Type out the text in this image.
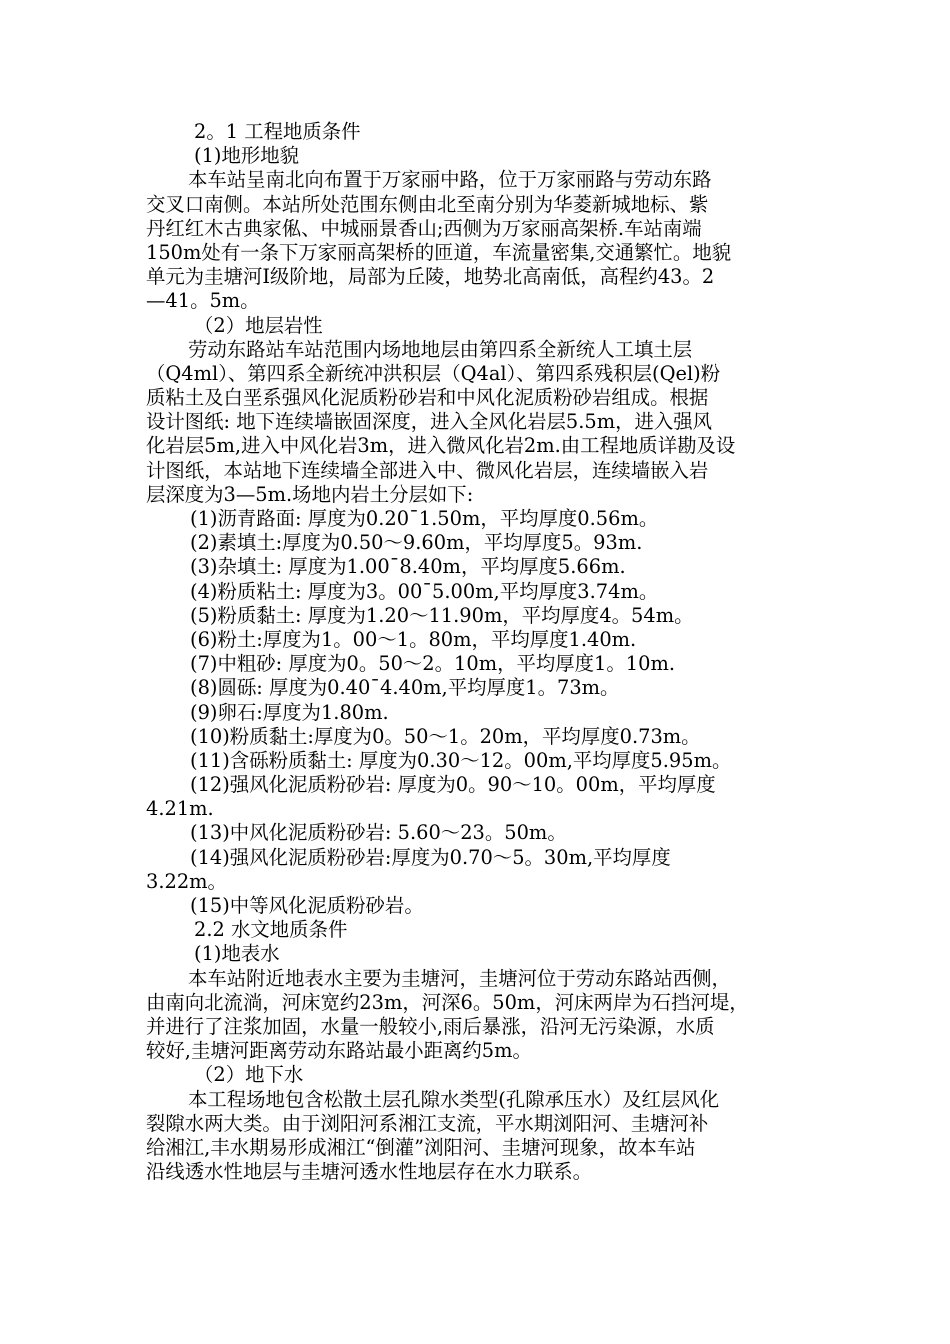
2。1 工程地质条件
(1)地形地貌
本车站呈南北向布置于万家丽中路，位于万家丽路与劳动东路
交叉口南侧。本站所处范围东侧由北至南分别为华菱新城地标、紫
丹红红木古典家俬、中城丽景香山;西侧为万家丽高架桥.车站南端
150m处有一条下万家丽高架桥的匝道，车流量密集,交通繁忙。地貌
单元为圭塘河Ⅰ级阶地，局部为丘陵，地势北高南低，高程约43。2
—41。5m。
（2）地层岩性
劳动东路站车站范围内场地地层由第四系全新统人工填土层
（Q4ml）、第四系全新统冲洪积层（Q4al）、第四系残积层(Qel)粉
质粘土及白垩系强风化泥质粉砂岩和中风化泥质粉砂岩组成。根据
设计图纸: 地下连续墙嵌固深度，进入全风化岩层5.5m，进入强风
化岩层5m,进入中风化岩3m，进入微风化岩2m.由工程地质详勘及设
计图纸，本站地下连续墙全部进入中、微风化岩层，连续墙嵌入岩
层深度为3—5m.场地内岩土分层如下:
(1)沥青路面: 厚度为0.20¯1.50m，平均厚度0.56m。
(2)素填土:厚度为0.50～9.60m，平均厚度5。93m.
(3)杂填土: 厚度为1.00¯8.40m，平均厚度5.66m.
(4)粉质粘土: 厚度为3。00¯5.00m,平均厚度3.74m。
(5)粉质黏土: 厚度为1.20～11.90m，平均厚度4。54m。
(6)粉土:厚度为1。00～1。80m，平均厚度1.40m.
(7)中粗砂: 厚度为0。50～2。10m，平均厚度1。10m.
(8)圆砾: 厚度为0.40¯4.40m,平均厚度1。73m。
(9)卵石:厚度为1.80m.
(10)粉质黏土:厚度为0。50～1。20m，平均厚度0.73m。
(11)含砾粉质黏土: 厚度为0.30～12。00m,平均厚度5.95m。
(12)强风化泥质粉砂岩: 厚度为0。90～10。00m，平均厚度
4.21m.
(13)中风化泥质粉砂岩: 5.60～23。50m。
(14)强风化泥质粉砂岩:厚度为0.70～5。30m,平均厚度
3.22m。
(15)中等风化泥质粉砂岩。
2.2 水文地质条件
(1)地表水
本车站附近地表水主要为圭塘河，圭塘河位于劳动东路站西侧，
由南向北流淌，河床宽约23m，河深6。50m，河床两岸为石挡河堤，
并进行了注浆加固，水量一般较小,雨后暴涨，沿河无污染源，水质
较好,圭塘河距离劳动东路站最小距离约5m。
（2）地下水
本工程场地包含松散土层孔隙水类型(孔隙承压水）及红层风化
裂隙水两大类。由于浏阳河系湘江支流，平水期浏阳河、圭塘河补
给湘江,丰水期易形成湘江“倒灌”浏阳河、圭塘河现象，故本车站
沿线透水性地层与圭塘河透水性地层存在水力联系。
